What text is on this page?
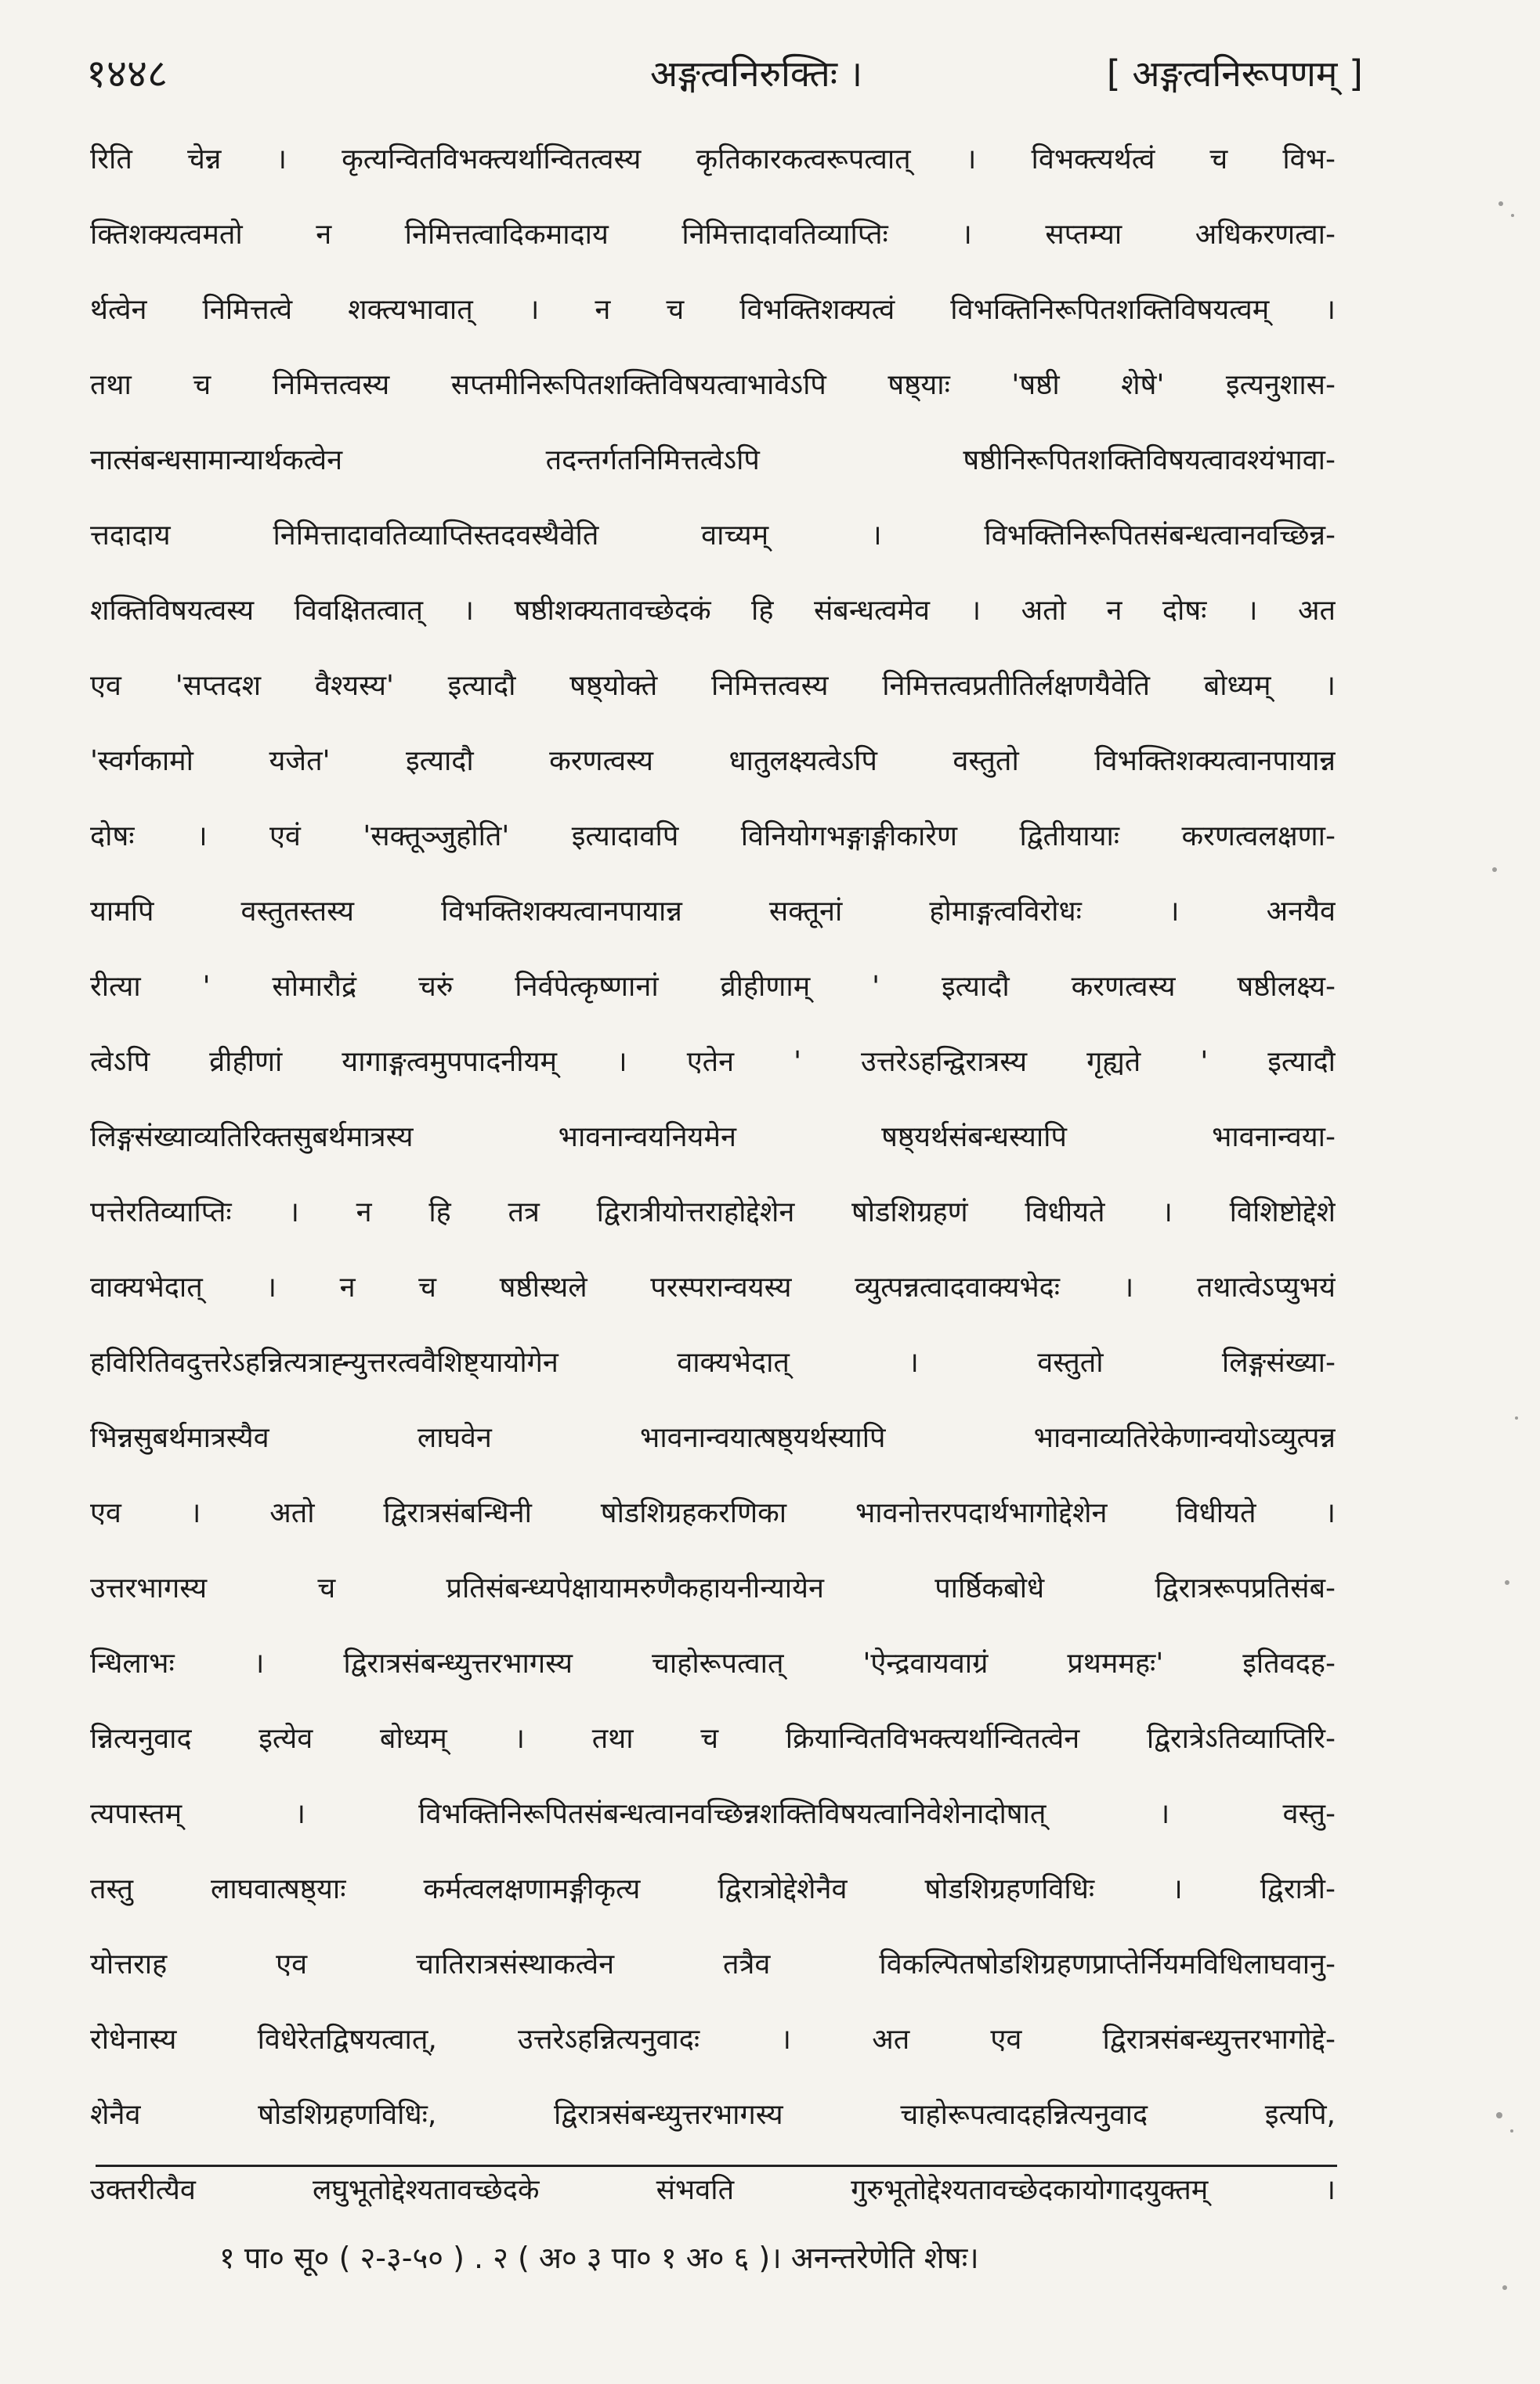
१४४८	अङ्गत्वनिरुक्तिः ।	[ अङ्गत्वनिरूपणम् ]
रिति चेन्न । कृत्यन्वितविभक्त्यर्थान्वितत्वस्य कृतिकारकत्वरूपत्वात् । विभक्त्यर्थत्वं च विभ-
क्तिशक्यत्वमतो न निमित्तत्वादिकमादाय निमित्तादावतिव्याप्तिः । सप्तम्या अधिकरणत्वा-
र्थत्वेन निमित्तत्वे शक्त्यभावात् । न च विभक्तिशक्यत्वं विभक्तिनिरूपितशक्तिविषयत्वम् ।
तथा च निमित्तत्वस्य सप्तमीनिरूपितशक्तिविषयत्वाभावेऽपि षष्ठ्याः 'षष्ठी शेषे' इत्यनुशास-
नात्संबन्धसामान्यार्थकत्वेन तदन्तर्गतनिमित्तत्वेऽपि षष्ठीनिरूपितशक्तिविषयत्वावश्यंभावा-
त्तदादाय निमित्तादावतिव्याप्तिस्तदवस्थैवेति वाच्यम् । विभक्तिनिरूपितसंबन्धत्वानवच्छिन्न-
शक्तिविषयत्वस्य विवक्षितत्वात् । षष्ठीशक्यतावच्छेदकं हि संबन्धत्वमेव । अतो न दोषः । अत
एव 'सप्तदश वैश्यस्य' इत्यादौ षष्ठ्योक्ते निमित्तत्वस्य निमित्तत्वप्रतीतिर्लक्षणयैवेति बोध्यम् ।
'स्वर्गकामो यजेत' इत्यादौ करणत्वस्य धातुलक्ष्यत्वेऽपि वस्तुतो विभक्तिशक्यत्वानपायान्न
दोषः । एवं 'सक्तूञ्जुहोति' इत्यादावपि विनियोगभङ्गाङ्गीकारेण द्वितीयायाः करणत्वलक्षणा-
यामपि वस्तुतस्तस्य विभक्तिशक्यत्वानपायान्न सक्तूनां होमाङ्गत्वविरोधः । अनयैव
रीत्या ' सोमारौद्रं चरुं निर्वपेत्कृष्णानां व्रीहीणाम् ' इत्यादौ करणत्वस्य षष्ठीलक्ष्य-
त्वेऽपि व्रीहीणां यागाङ्गत्वमुपपादनीयम् । एतेन ' उत्तरेऽहन्द्विरात्रस्य गृह्यते ' इत्यादौ
लिङ्गसंख्याव्यतिरिक्तसुबर्थमात्रस्य भावनान्वयनियमेन षष्ठ्यर्थसंबन्धस्यापि भावनान्वया-
पत्तेरतिव्याप्तिः । न हि तत्र द्विरात्रीयोत्तराहोद्देशेन षोडशिग्रहणं विधीयते । विशिष्टोद्देशे
वाक्यभेदात् । न च षष्ठीस्थले परस्परान्वयस्य व्युत्पन्नत्वादवाक्यभेदः । तथात्वेऽप्युभयं
हविरितिवदुत्तरेऽहन्नित्यत्राह्न्युत्तरत्ववैशिष्ट्यायोगेन वाक्यभेदात् । वस्तुतो लिङ्गसंख्या-
भिन्नसुबर्थमात्रस्यैव लाघवेन भावनान्वयात्षष्ठ्यर्थस्यापि भावनाव्यतिरेकेणान्वयोऽव्युत्पन्न
एव । अतो द्विरात्रसंबन्धिनी षोडशिग्रहकरणिका भावनोत्तरपदार्थभागोद्देशेन विधीयते ।
उत्तरभागस्य च प्रतिसंबन्ध्यपेक्षायामरुणैकहायनीन्यायेन पार्ष्ठिकबोधे द्विरात्ररूपप्रतिसंब-
न्धिलाभः । द्विरात्रसंबन्ध्युत्तरभागस्य चाहोरूपत्वात् 'ऐन्द्रवायवाग्रं प्रथममहः' इतिवदह-
न्नित्यनुवाद इत्येव बोध्यम् । तथा च क्रियान्वितविभक्त्यर्थान्वितत्वेन द्विरात्रेऽतिव्याप्तिरि-
त्यपास्तम् । विभक्तिनिरूपितसंबन्धत्वानवच्छिन्नशक्तिविषयत्वानिवेशेनादोषात् । वस्तु-
तस्तु लाघवात्षष्ठ्याः कर्मत्वलक्षणामङ्गीकृत्य द्विरात्रोद्देशेनैव षोडशिग्रहणविधिः । द्विरात्री-
योत्तराह एव चातिरात्रसंस्थाकत्वेन तत्रैव विकल्पितषोडशिग्रहणप्राप्तेर्नियमविधिलाघवानु-
रोधेनास्य विधेरेतद्विषयत्वात्, उत्तरेऽहन्नित्यनुवादः । अत एव द्विरात्रसंबन्ध्युत्तरभागोद्दे-
शेनैव षोडशिग्रहणविधिः, द्विरात्रसंबन्ध्युत्तरभागस्य चाहोरूपत्वादहन्नित्यनुवाद इत्यपि,
उक्तरीत्यैव लघुभूतोद्देश्यतावच्छेदके संभवति गुरुभूतोद्देश्यतावच्छेदकायोगादयुक्तम् ।
१ पा० सू० ( २-३-५० ) . २ ( अ० ३ पा० १ अ० ६ )। अनन्तरेणेति शेषः।
